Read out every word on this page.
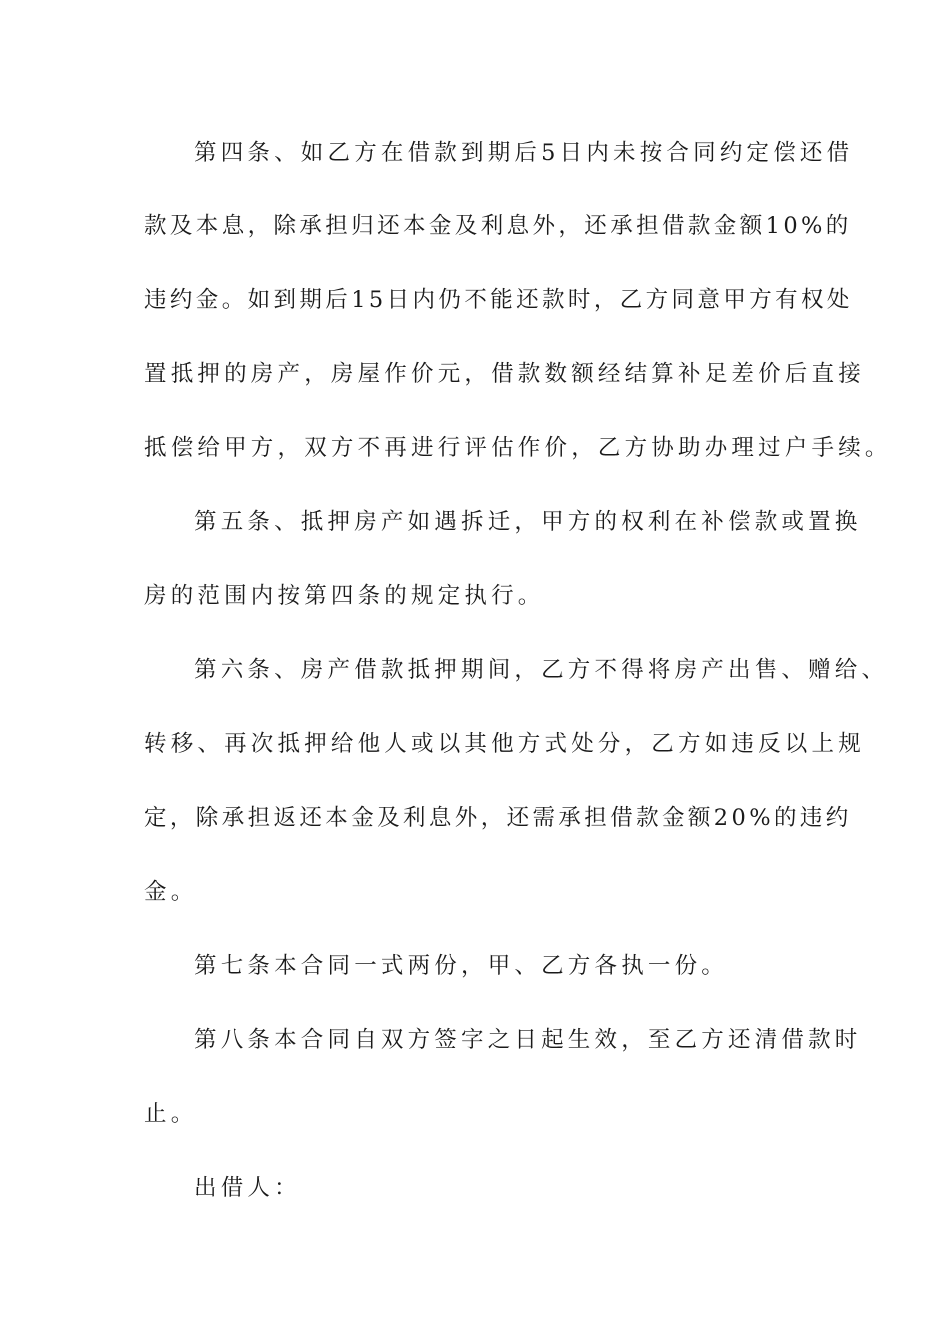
第四条、如乙方在借款到期后5日内未按合同约定偿还借
款及本息，除承担归还本金及利息外，还承担借款金额10%的
违约金。如到期后15日内仍不能还款时，乙方同意甲方有权处
置抵押的房产，房屋作价元，借款数额经结算补足差价后直接
抵偿给甲方，双方不再进行评估作价，乙方协助办理过户手续。
第五条、抵押房产如遇拆迁，甲方的权利在补偿款或置换
房的范围内按第四条的规定执行。
第六条、房产借款抵押期间，乙方不得将房产出售、赠给、
转移、再次抵押给他人或以其他方式处分，乙方如违反以上规
定，除承担返还本金及利息外，还需承担借款金额20%的违约
金。
第七条本合同一式两份，甲、乙方各执一份。
第八条本合同自双方签字之日起生效，至乙方还清借款时
止。
出借人：
